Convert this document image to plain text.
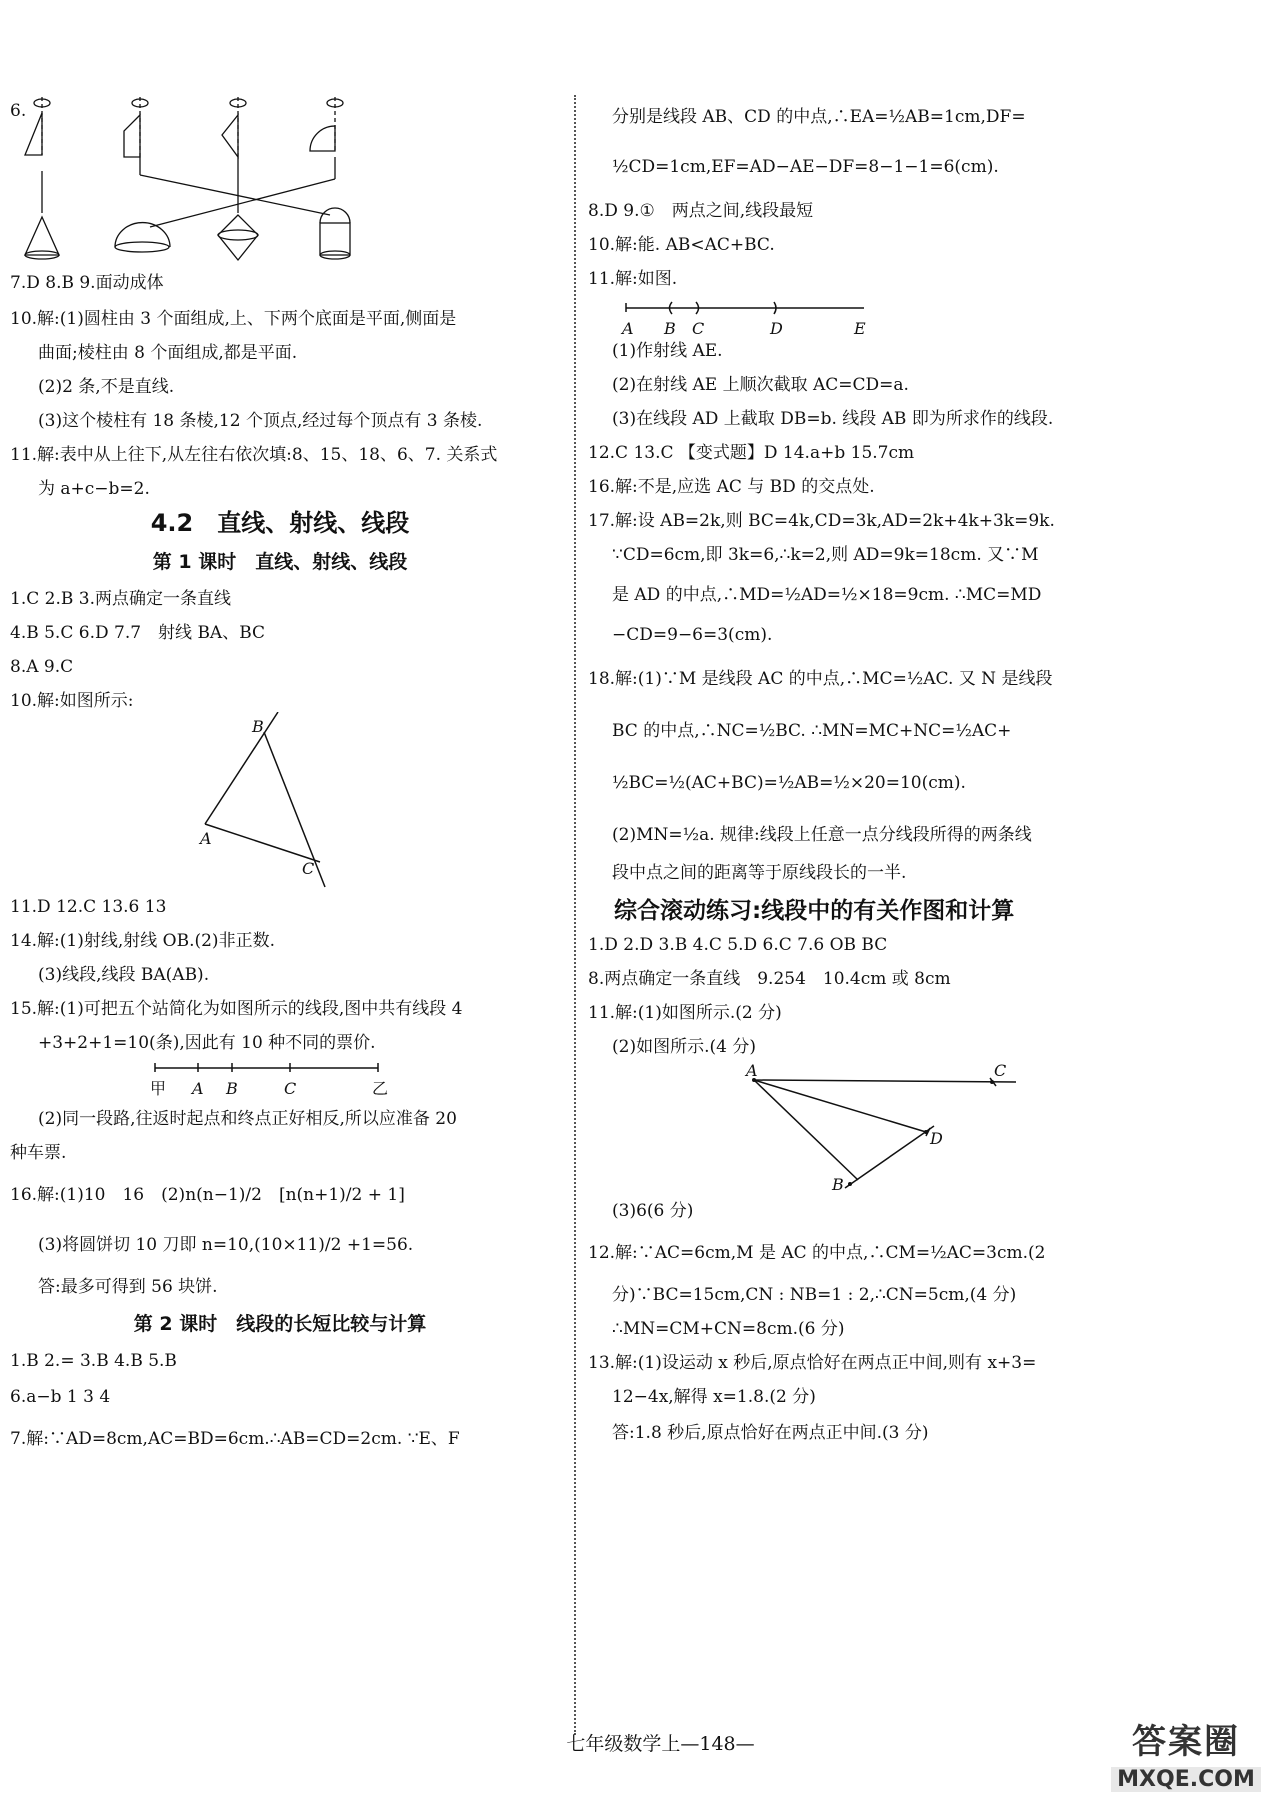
6.
7.D 8.B 9.面动成体
10.解:(1)圆柱由 3 个面组成,上、下两个底面是平面,侧面是
曲面;棱柱由 8 个面组成,都是平面.
(2)2 条,不是直线.
(3)这个棱柱有 18 条棱,12 个顶点,经过每个顶点有 3 条棱.
11.解:表中从上往下,从左往右依次填:8、15、18、6、7. 关系式
为 a+c−b=2.
4.2　直线、射线、线段
第 1 课时　直线、射线、线段
1.C 2.B 3.两点确定一条直线
4.B 5.C 6.D 7.7　射线 BA、BC
8.A 9.C
10.解:如图所示:
B
A
C
11.D 12.C 13.6 13
14.解:(1)射线,射线 OB.(2)非正数.
(3)线段,线段 BA(AB).
15.解:(1)可把五个站简化为如图所示的线段,图中共有线段 4
+3+2+1=10(条),因此有 10 种不同的票价.
甲 A B	C	乙
(2)同一段路,往返时起点和终点正好相反,所以应准备 20
种车票.
16.解:(1)10　16　(2)n(n−1)/2　[n(n+1)/2 + 1]
(3)将圆饼切 10 刀即 n=10,(10×11)/2 +1=56.
答:最多可得到 56 块饼.
第 2 课时　线段的长短比较与计算
1.B 2.= 3.B 4.B 5.B
6.a−b 1 3 4
7.解:∵AD=8cm,AC=BD=6cm.∴AB=CD=2cm. ∵E、F
分别是线段 AB、CD 的中点,∴EA=½AB=1cm,DF=
½CD=1cm,EF=AD−AE−DF=8−1−1=6(cm).
8.D 9.①　两点之间,线段最短
10.解:能. AB<AC+BC.
11.解:如图.
A B C	D	E
(1)作射线 AE.
(2)在射线 AE 上顺次截取 AC=CD=a.
(3)在线段 AD 上截取 DB=b. 线段 AB 即为所求作的线段.
12.C 13.C 【变式题】D 14.a+b 15.7cm
16.解:不是,应选 AC 与 BD 的交点处.
17.解:设 AB=2k,则 BC=4k,CD=3k,AD=2k+4k+3k=9k.
∵CD=6cm,即 3k=6,∴k=2,则 AD=9k=18cm. 又∵M
是 AD 的中点,∴MD=½AD=½×18=9cm. ∴MC=MD
−CD=9−6=3(cm).
18.解:(1)∵M 是线段 AC 的中点,∴MC=½AC. 又 N 是线段
BC 的中点,∴NC=½BC. ∴MN=MC+NC=½AC+
½BC=½(AC+BC)=½AB=½×20=10(cm).
(2)MN=½a. 规律:线段上任意一点分线段所得的两条线
段中点之间的距离等于原线段长的一半.
综合滚动练习:线段中的有关作图和计算
1.D 2.D 3.B 4.C 5.D 6.C 7.6 OB BC
8.两点确定一条直线　9.254　10.4cm 或 8cm
11.解:(1)如图所示.(2 分)
(2)如图所示.(4 分)
A	C
D
B
(3)6(6 分)
12.解:∵AC=6cm,M 是 AC 的中点,∴CM=½AC=3cm.(2
分)∵BC=15cm,CN : NB=1 : 2,∴CN=5cm,(4 分)
∴MN=CM+CN=8cm.(6 分)
13.解:(1)设运动 x 秒后,原点恰好在两点正中间,则有 x+3=
12−4x,解得 x=1.8.(2 分)
答:1.8 秒后,原点恰好在两点正中间.(3 分)
七年级数学上—148—	答案圈
MXQE.COM
